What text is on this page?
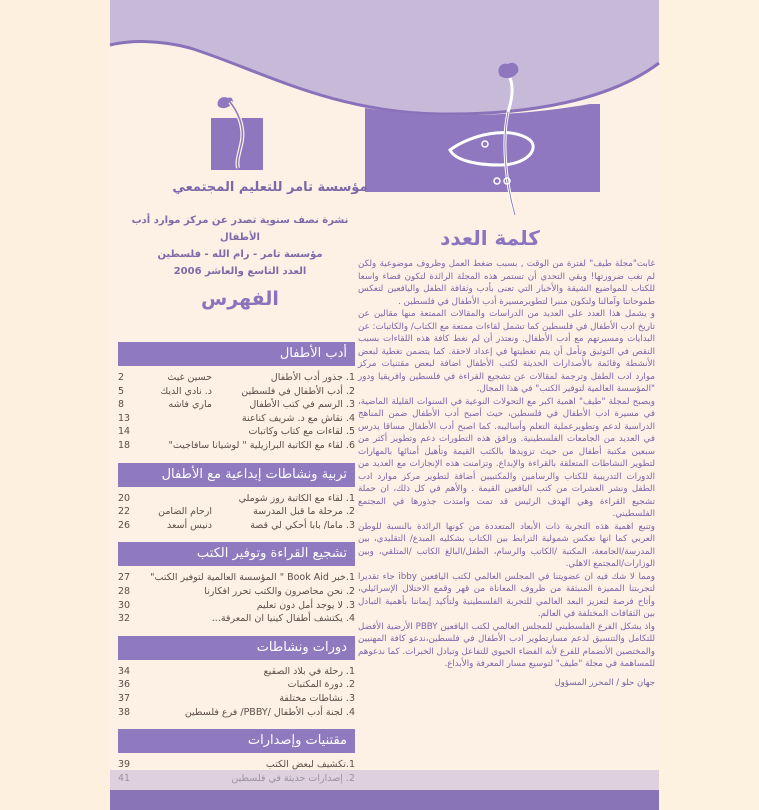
طيف
مؤسسة تامر للتعليم المجتمعي
نشرة نصف سنوية تصدر عن مركز موارد أدب الأطفال
مؤسسة تامر - رام الله - فلسطين
العدد التاسع والعاشر 2006
الفهرس
كلمة العدد
أدب الأطفال
1. جذور أدب الأطفال
حسين غيث
2
2. أدب الأطفال في فلسطين
د. نادي الديك
5
3. الرسم في كتب الأطفال
ماري فاشه
8
4. نقاش مع د. شريف كناعنة
13
5. لقاءات مع كتاب وكاتبات
14
6. لقاء مع الكاتبة البرازيلية " لوشيانا سافاجيت"
18
تربية ونشاطات إبداعية مع الأطفال
1. لقاء مع الكاتبة روز شوملي
20
2. مرحلة ما قبل المدرسة
ارحام الضامن
22
3. ماما/ بابا أحكي لي قصة
دنيس أسعد
26
تشجيع القراءة وتوفير الكتب
1.خبر Book Aid " المؤسسة العالمية لتوفير الكتب"
27
2. نحن محاصرون والكتب تحرر افكارنا
28
3. لا يوجد أمل دون تعليم
30
4. يكتشف أطفال كينيا ان المعرفة...
32
دورات ونشاطات
1. رحلة في بلاد الصقيع
34
2. دورة المكتبات
36
3. نشاطات مختلفة
37
4. لجنة أدب الأطفال /PBBY/ فرع فلسطين
38
مقتنيات وإصدارات
1.تكشيف لبعض الكتب
39

غابت"مجلة طيف" لفترة من الوقت , بسبب ضغط العمل وظروف موضوعية ولكن لم تغب ضرورتها! وبقي التحدي أن تستمر هذه المجلة الرائدة لتكون فضاء واسعا للكتاب للمواضيع الشيقة والأخبار التي تعنى بأدب وثقافة الطفل واليافعين لتعكس طموحاتنا وآمالنا ولتكون منبرا لتطويرمسيرة أدب الأطفال في فلسطين .

و يشمل هذا العدد على العديد من الدراسات والمقالات الممتعة منها مقالين عن تاريخ ادب الأطفال في فلسطين كما تشمل لقاءات ممتعة مع الكتاب/ والكاتبات: عن البدايات ومسيرتهم مع أدب الأطفال. ونعتذر أن لم نغط كافة هذه اللقاءات بسبب النقص في التوثيق ونأمل أن يتم تغطيتها في إعداد لاحقة. كما يتضمن تغطية لبعض الأنشطة وقائمة بالأصدارات الحديثة لكتب الأطفال اضافة لبعض مقتنيات مركز موارد ادب الطفل وترجمة لمقالات عن تشجيع القراءة في فلسطين وافريقيا ودور "المؤسسة العالمية لتوفير الكتب" في هذا المجال.

ويصبح لمجلة "طيف" اهمية اكبر مع التحولات النوعية في السنوات القليلة الماضية، في مسيرة ادب الأطفال في فلسطين، حيث أصبح أدب الأطفال ضمن المناهج الدراسية لدعم وتطويرعملية التعلم وأساليبه. كما اصبح أدب الأطفال مساقا يدرس في العديد من الجامعات الفلسطينية. ورافق هذه التطورات دعم وتطوير أكثر من سبعين مكتبة أطفال من حيث تزويدها بالكتب القيمة وتأهيل أمنائها بالمهارات لتطوير النشاطات المتعلقة بالقراءة والإبداع. وتزامنت هذه الإنجازات مع العديد من الدورات التدريبية للكتاب والرسامين والمكتبيين أضافة لتطوير مركز موارد ادب الطفل ونشر العشرات من كتب اليافعين القيمة . والأهم في كل ذلك، ان حملة تشجيع القراءة وهي الهدف الرئيس قد تمت وامتدت جذورها في المجتمع الفلسطيني.

وتنبع اهمية هذه التجربة ذات الأبعاد المتعددة من كونها الرائدة بالنسبة للوطن العربي كما انها تعكس شمولية الترابط بين الكتاب بشكليه المبدع/ التقليدي، بين المدرسة/الجامعة، المكتبة /الكاتب والرسام، الطفل/البالغ الكاتب /المتلقي، وبين الوزارات/المجتمع الاهلي.

ومما لا شك فيه ان عضويتنا في المجلس العالمي لكتب اليافعين ibby جاء تقديرا لتجربتنا المميزة المنبثقة من ظروف المعاناة من قهر وقمع الاحتلال الإسرائيلي، وأتاح فرصة لتعزيز البعد العالمي للتجربة الفلسطينية ولتأكيد إيماننا بأهمية التبادل بين الثقافات المختلفة في العالم.

واذ يشكل الفرع الفلسطيني للمجلس العالمي لكتب اليافعين PBBY الأرضية الأفضل للتكامل والتنسيق لدعم مسارتطوير ادب الأطفال في فلسطين،ندعو كافة المهنيين والمختصين الأنضمام للفرع لأنه الفضاء الحيوي للتفاعل وتبادل الخبرات. كما ندعوهم للمساهمة في مجلة "طيف" لتوسيع مسار المعرفة والأبداع.

جهان حلو / المحرر المسؤول
